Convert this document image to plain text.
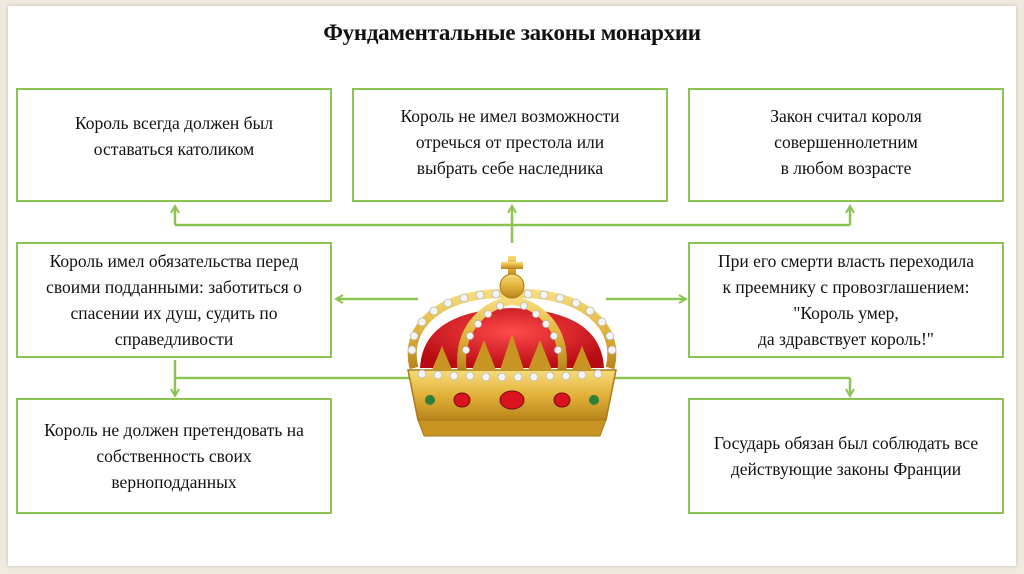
Фундаментальные законы монархии
Король всегда должен был
оставаться католиком
Король не имел возможности
отречься от престола или
выбрать себе наследника
Закон считал короля
совершеннолетним
в любом возрасте
Король имел обязательства перед
своими подданными: заботиться о
спасении их душ, судить по
справедливости
При его смерти власть переходила
к преемнику с провозглашением:
"Король умер,
да здравствует король!"
Король не должен претендовать на
собственность своих
верноподданных
Государь обязан был соблюдать все
действующие законы Франции
